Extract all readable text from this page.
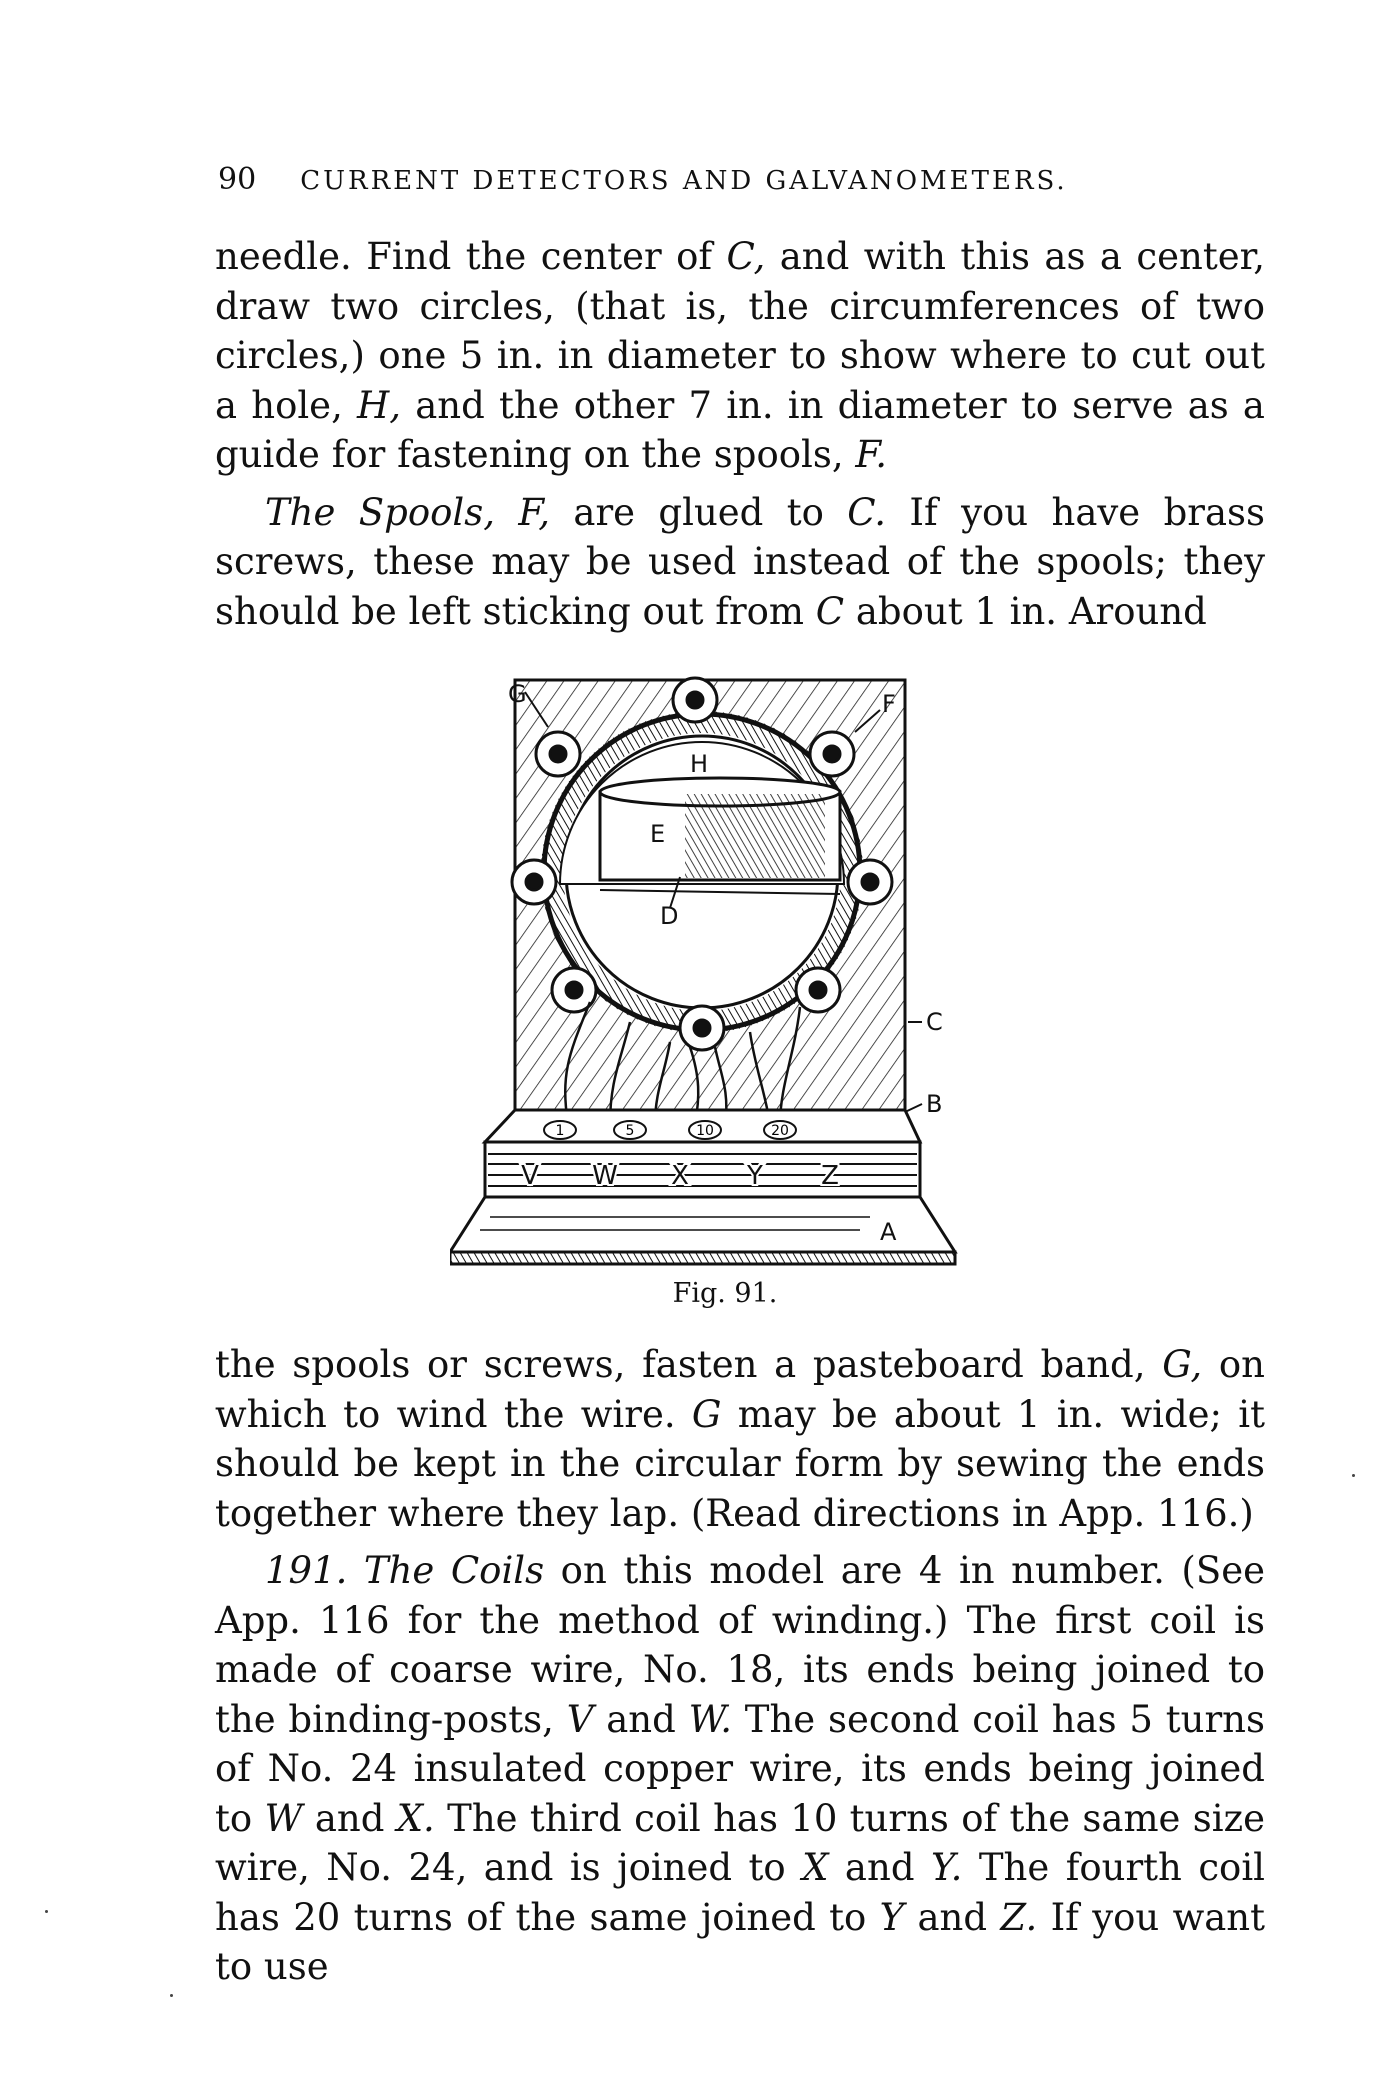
90 CURRENT DETECTORS AND GALVANOMETERS.

needle. Find the center of C, and with this as a center, draw two circles, (that is, the circumferences of two circles,) one 5 in. in diameter to show where to cut out a hole, H, and the other 7 in. in diameter to serve as a guide for fastening on the spools, F.

The Spools, F, are glued to C. If you have brass screws, these may be used instead of the spools; they should be left sticking out from C about 1 in. Around

1	5	10	20
V W X Y Z
G	F
H
E
D
C
B
A
Fig. 91.

the spools or screws, fasten a pasteboard band, G, on which to wind the wire. G may be about 1 in. wide; it should be kept in the circular form by sewing the ends together where they lap. (Read directions in App. 116.)

191. The Coils on this model are 4 in number. (See App. 116 for the method of winding.) The first coil is made of coarse wire, No. 18, its ends being joined to the binding-posts, V and W. The second coil has 5 turns of No. 24 insulated copper wire, its ends being joined to W and X. The third coil has 10 turns of the same size wire, No. 24, and is joined to X and Y. The fourth coil has 20 turns of the same joined to Y and Z. If you want to use
